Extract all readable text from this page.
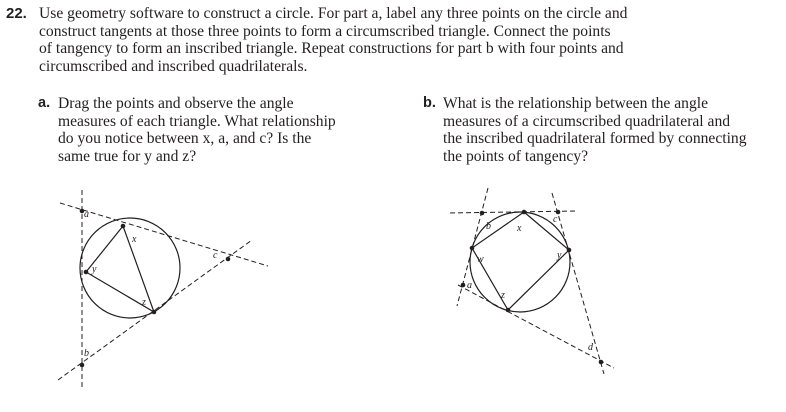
22. Use geometry software to construct a circle. For part a, label any three points on the circle and
construct tangents at those three points to form a circumscribed triangle. Connect the points
of tangency to form an inscribed triangle. Repeat constructions for part b with four points and
circumscribed and inscribed quadrilaterals.
a. Drag the points and observe the angle
measures of each triangle. What relationship
do you notice between x, a, and c? Is the
same true for y and z?
b. What is the relationship between the angle
measures of a circumscribed quadrilateral and
the inscribed quadrilateral formed by connecting
the points of tangency?
a
x
y
z
c
b
b	x
c
w	y
z
a
d
